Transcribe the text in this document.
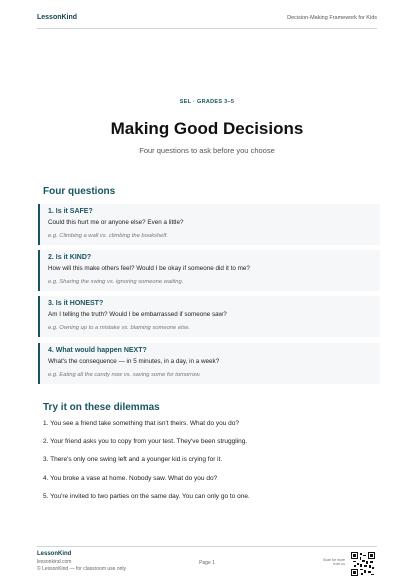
LessonKind	Decision-Making Framework for Kids
SEL · GRADES 3–5
Making Good Decisions
Four questions to ask before you choose
Four questions
1. Is it SAFE?
Could this hurt me or anyone else? Even a little?
e.g. Climbing a wall vs. climbing the bookshelf.
2. Is it KIND?
How will this make others feel? Would I be okay if someone did it to me?
e.g. Sharing the swing vs. ignoring someone waiting.
3. Is it HONEST?
Am I telling the truth? Would I be embarrassed if someone saw?
e.g. Owning up to a mistake vs. blaming someone else.
4. What would happen NEXT?
What's the consequence — in 5 minutes, in a day, in a week?
e.g. Eating all the candy now vs. saving some for tomorrow.
Try it on these dilemmas
1. You see a friend take something that isn't theirs. What do you do?
2. Your friend asks you to copy from your test. They've been struggling.
3. There's only one swing left and a younger kid is crying for it.
4. You broke a vase at home. Nobody saw. What do you do?
5. You're invited to two parties on the same day. You can only go to one.
LessonKind
lessonkind.com
© LessonKind — for classroom use only
Page 1	Scan for more from us
